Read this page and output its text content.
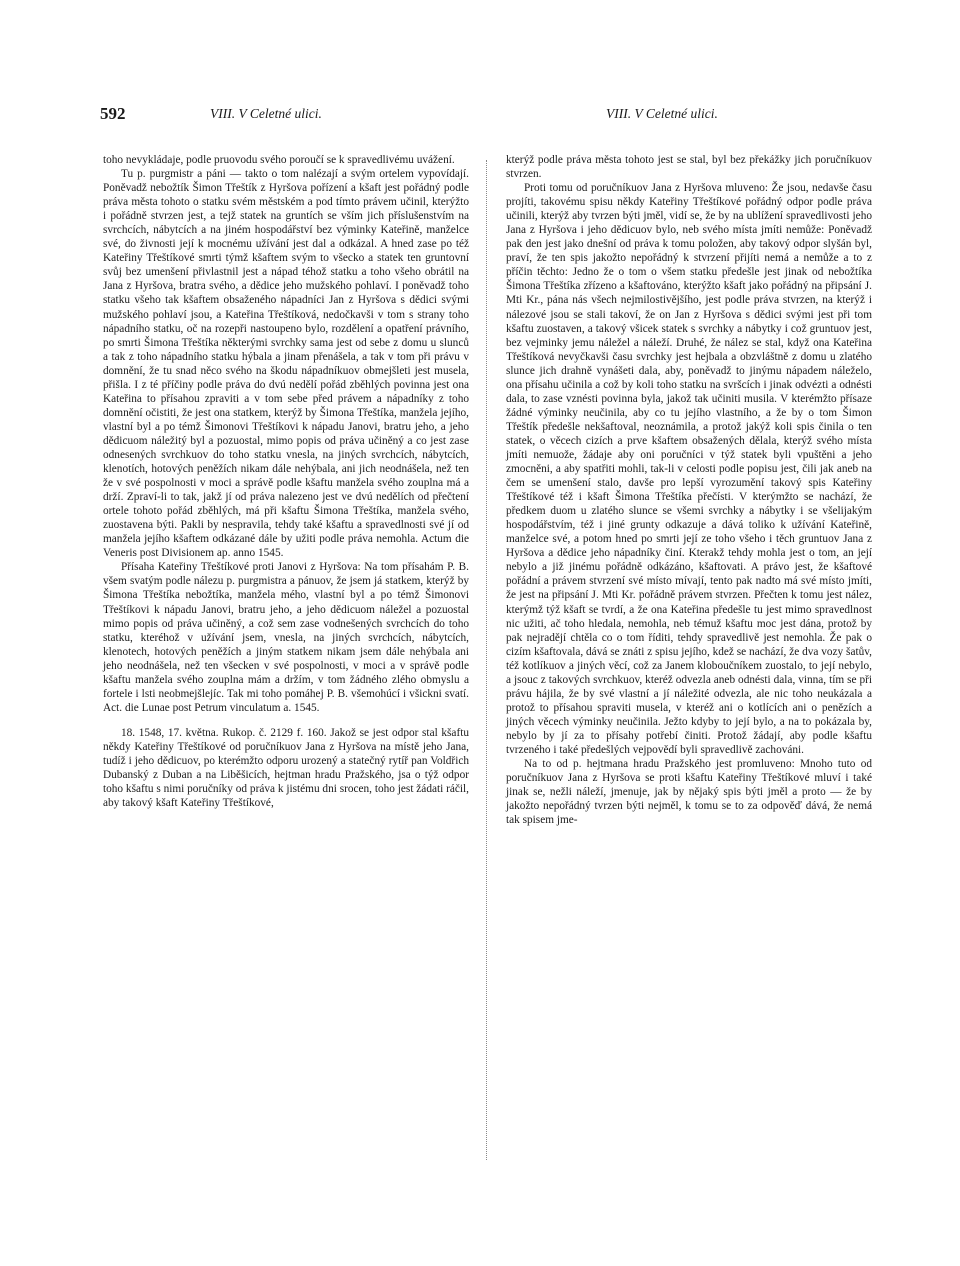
592	VIII. V Celetné ulici.	VIII. V Celetné ulici.

toho nevykládaje, podle pruovodu svého poroučí se k spravedlivému uvážení.

Tu p. purgmistr a páni — takto o tom nalézají a svým ortelem vypovídají. Poněvadž nebožtík Šimon Třeštík z Hyršova pořízení a kšaft jest pořádný podle práva města tohoto o statku svém městském a pod tímto právem učinil, kterýžto i pořádně stvrzen jest, a tejž statek na gruntích se vším jich příslušenstvím na svrchcích, nábytcích a na jiném hospodářství bez výminky Kateřině, manželce své, do živnosti její k mocnému užívání jest dal a odkázal. A hned zase po též Kateřiny Třeštíkové smrti týmž kšaftem svým to všecko a statek ten gruntovní svůj bez umenšení přivlastnil jest a nápad téhož statku a toho všeho obrátil na Jana z Hyršova, bratra svého, a dědice jeho mužského pohlaví. I poněvadž toho statku všeho tak kšaftem obsaženého nápadníci Jan z Hyršova s dědici svými mužského pohlaví jsou, a Kateřina Třeštíková, nedočkavši v tom s strany toho nápadního statku, oč na rozepři nastoupeno bylo, rozdělení a opatření právního, po smrti Šimona Třeštíka některými svrchky sama jest od sebe z domu u slunců a tak z toho nápadního statku hýbala a jinam přenášela, a tak v tom při právu v domnění, že tu snad něco svého na škodu nápadníkuov obmejšleti jest musela, přišla. I z té příčiny podle práva do dvú nedělí pořád zběhlých povinna jest ona Kateřina to přísahou zpraviti a v tom sebe před právem a nápadníky z toho domnění očistiti, že jest ona statkem, kterýž by Šimona Třeštíka, manžela jejího, vlastní byl a po témž Šimonovi Třeštíkovi k nápadu Janovi, bratru jeho, a jeho dědicuom náležitý byl a pozuostal, mimo popis od práva učiněný a co jest zase odnesených svrchkuov do toho statku vnesla, na jiných svrchcích, nábytcích, klenotích, hotových peněžích nikam dále nehýbala, ani jich neodnášela, než ten že v své pospolnosti v moci a správě podle kšaftu manžela svého zouplna má a drží. Zpraví-li to tak, jakž jí od práva nalezeno jest ve dvú nedělích od přečtení ortele tohoto pořád zběhlých, má při kšaftu Šimona Třeštíka, manžela svého, zuostavena býti. Pakli by nespravila, tehdy také kšaftu a spravedlnosti své jí od manžela jejího kšaftem odkázané dále by užiti podle práva nemohla. Actum die Veneris post Divisionem ap. anno 1545.

Přísaha Kateřiny Třeštíkové proti Janovi z Hyršova: Na tom přísahám P. B. všem svatým podle nálezu p. purgmistra a pánuov, že jsem já statkem, kterýž by Šimona Třeštíka nebožtíka, manžela mého, vlastní byl a po témž Šimonovi Třeštíkovi k nápadu Janovi, bratru jeho, a jeho dědicuom náležel a pozuostal mimo popis od práva učiněný, a což sem zase vodnešených svrchcích do toho statku, kteréhož v užívání jsem, vnesla, na jiných svrchcích, nábytcích, klenotech, hotových peněžích a jiným statkem nikam jsem dále nehýbala ani jeho neodnášela, než ten všecken v své pospolnosti, v moci a v správě podle kšaftu manžela svého zouplna mám a držím, v tom žádného zlého obmyslu a fortele i lsti neobmejšlejíc. Tak mi toho pomáhej P. B. všemohúcí i všickni svatí. Act. die Lunae post Petrum vinculatum a. 1545.

18. 1548, 17. května. Rukop. č. 2129 f. 160. Jakož se jest odpor stal kšaftu někdy Kateřiny Třeštíkové od poručníkuov Jana z Hyršova na místě jeho Jana, tudíž i jeho dědicuov, po kterémžto odporu urozený a statečný rytíř pan Voldřich Dubanský z Duban a na Liběšicích, hejtman hradu Pražského, jsa o týž odpor toho kšaftu s nimi poručníky od práva k jistému dni srocen, toho jest žádati ráčil, aby takový kšaft Kateřiny Třeštíkové,

kterýž podle práva města tohoto jest se stal, byl bez překážky jich poručníkuov stvrzen.

Proti tomu od poručníkuov Jana z Hyršova mluveno: Že jsou, nedavše času projíti, takovému spisu někdy Kateřiny Třeštíkové pořádný odpor podle práva učinili, kterýž aby tvrzen býti jměl, vidí se, že by na ublížení spravedlivosti jeho Jana z Hyršova i jeho dědicuov bylo, neb svého místa jmíti nemůže: Poněvadž pak den jest jako dnešní od práva k tomu položen, aby takový odpor slyšán byl, praví, že ten spis jakožto nepořádný k stvrzení přijíti nemá a nemůže a to z příčin těchto: Jedno že o tom o všem statku předešle jest jinak od nebožtíka Šimona Třeštíka zřízeno a kšaftováno, kterýžto kšaft jako pořádný na připsání J. Mti Kr., pána nás všech nejmilostivějšího, jest podle práva stvrzen, na kterýž i nálezové jsou se stali takoví, že on Jan z Hyršova s dědici svými jest při tom kšaftu zuostaven, a takový všicek statek s svrchky a nábytky i což gruntuov jest, bez vejminky jemu náležel a náleží. Druhé, že nález se stal, když ona Kateřina Třeštíková nevyčkavši času svrchky jest hejbala a obzvláštně z domu u zlatého slunce jich drahně vynášeti dala, aby, poněvadž to jinýmu nápadem náleželo, ona přísahu učinila a což by koli toho statku na svršcích i jinak odvézti a odnésti dala, to zase vznésti povinna byla, jakož tak učiniti musila. V kterémžto přísaze žádné výminky neučinila, aby co tu jejího vlastního, a že by o tom Šimon Třeštík předešle nekšaftoval, neoznámila, a protož jakýž koli spis činila o ten statek, o věcech cizích a prve kšaftem obsažených dělala, kterýž svého místa jmíti nemuože, žádaje aby oni poručníci v týž statek byli vpuštěni a jeho zmocněni, a aby spatřiti mohli, tak-li v celosti podle popisu jest, čili jak aneb na čem se umenšení stalo, davše pro lepší vyrozumění takový spis Kateřiny Třeštíkové též i kšaft Šimona Třeštíka přečísti. V kterýmžto se nachází, že předkem duom u zlatého slunce se všemi svrchky a nábytky i se všelijakým hospodářstvím, též i jiné grunty odkazuje a dává toliko k užívání Kateřině, manželce své, a potom hned po smrti její ze toho všeho i těch gruntuov Jana z Hyršova a dědice jeho nápadníky činí. Kterakž tehdy mohla jest o tom, an její nebylo a již jinému pořádně odkázáno, kšaftovati. A právo jest, že kšaftové pořádní a právem stvrzení své místo mívají, tento pak nadto má své místo jmíti, že jest na připsání J. Mti Kr. pořádně právem stvrzen. Přečten k tomu jest nález, kterýmž týž kšaft se tvrdí, a že ona Kateřina předešle tu jest mimo spravedlnost nic užiti, ač toho hledala, nemohla, neb témuž kšaftu moc jest dána, protož by pak nejradějí chtěla co o tom říditi, tehdy spravedlivě jest nemohla. Že pak o cizím kšaftovala, dává se znáti z spisu jejího, kdež se nachází, že dva vozy šatův, též kotlíkuov a jiných věcí, což za Janem kloboučníkem zuostalo, to její nebylo, a jsouc z takových svrchkuov, kteréž odvezla aneb odnésti dala, vinna, tím se při právu hájila, že by své vlastní a jí náležité odvezla, ale nic toho neukázala a protož to přísahou spraviti musela, v kteréž ani o kotlících ani o penězích a jiných věcech výminky neučinila. Ježto kdyby to její bylo, a na to pokázala by, nebylo by jí za to přísahy potřebí činiti. Protož žádají, aby podle kšaftu tvrzeného i také předešlých vejpovědí byli spravedlivě zachováni.

Na to od p. hejtmana hradu Pražského jest promluveno: Mnoho tuto od poručníkuov Jana z Hyršova se proti kšaftu Kateřiny Třeštíkové mluví i také jinak se, nežli náleží, jmenuje, jak by nějaký spis býti jměl a proto — že by jakožto nepořádný tvrzen býti nejměl, k tomu se to za odpověď dává, že nemá tak spisem jme-
